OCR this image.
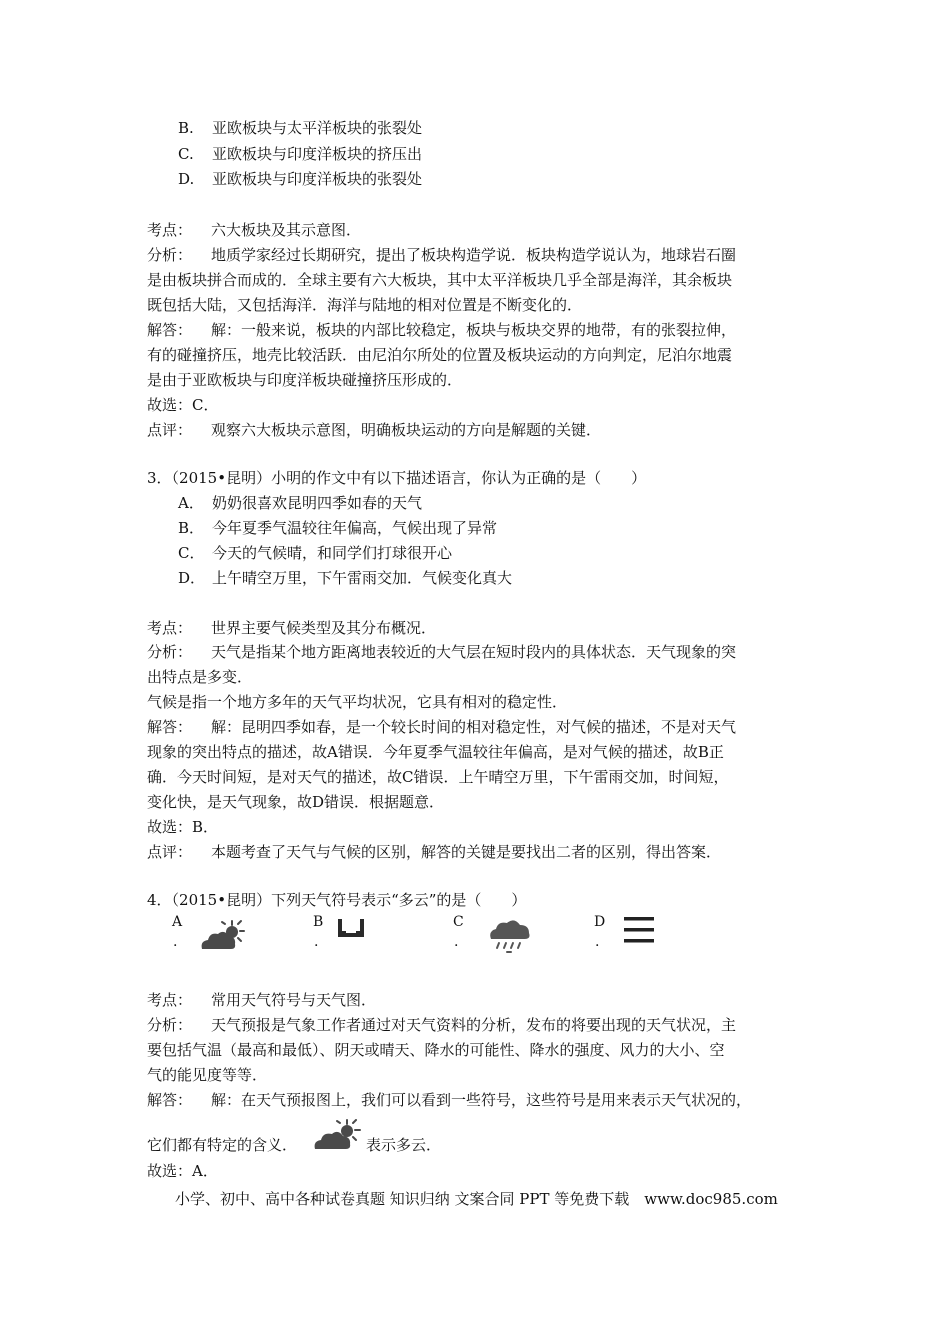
B. 亚欧板块与太平洋板块的张裂处
C. 亚欧板块与印度洋板块的挤压出
D. 亚欧板块与印度洋板块的张裂处
考点： 六大板块及其示意图．
分析： 地质学家经过长期研究，提出了板块构造学说．板块构造学说认为，地球岩石圈
是由板块拼合而成的．全球主要有六大板块，其中太平洋板块几乎全部是海洋，其余板块
既包括大陆，又包括海洋．海洋与陆地的相对位置是不断变化的．
解答： 解：一般来说，板块的内部比较稳定，板块与板块交界的地带，有的张裂拉伸，
有的碰撞挤压，地壳比较活跃．由尼泊尔所处的位置及板块运动的方向判定，尼泊尔地震
是由于亚欧板块与印度洋板块碰撞挤压形成的．
故选：C．
点评： 观察六大板块示意图，明确板块运动的方向是解题的关键．
3．（2015•昆明）小明的作文中有以下描述语言，你认为正确的是（　　）
A． 奶奶很喜欢昆明四季如春的天气
B． 今年夏季气温较往年偏高，气候出现了异常
C． 今天的气候晴，和同学们打球很开心
D． 上午晴空万里，下午雷雨交加．气候变化真大
考点： 世界主要气候类型及其分布概况．
分析： 天气是指某个地方距离地表较近的大气层在短时段内的具体状态．天气现象的突
出特点是多变．
气候是指一个地方多年的天气平均状况，它具有相对的稳定性．
解答： 解：昆明四季如春，是一个较长时间的相对稳定性，对气候的描述，不是对天气
现象的突出特点的描述，故A错误．今年夏季气温较往年偏高，是对气候的描述，故B正
确．今天时间短，是对天气的描述，故C错误．上午晴空万里，下午雷雨交加，时间短，
变化快，是天气现象，故D错误．根据题意．
故选：B．
点评： 本题考查了天气与气候的区别，解答的关键是要找出二者的区别，得出答案．
4．（2015•昆明）下列天气符号表示“多云”的是（　　）
A
.
B
.
C
.
D
.
考点： 常用天气符号与天气图．
分析： 天气预报是气象工作者通过对天气资料的分析，发布的将要出现的天气状况，主
要包括气温（最高和最低）、阴天或晴天、降水的可能性、降水的强度、风力的大小、空
气的能见度等等．
解答： 解：在天气预报图上，我们可以看到一些符号，这些符号是用来表示天气状况的，
它们都有特定的含义．	表示多云．
故选：A．
小学、初中、高中各种试卷真题 知识归纳 文案合同 PPT 等免费下载　www.doc985.com
